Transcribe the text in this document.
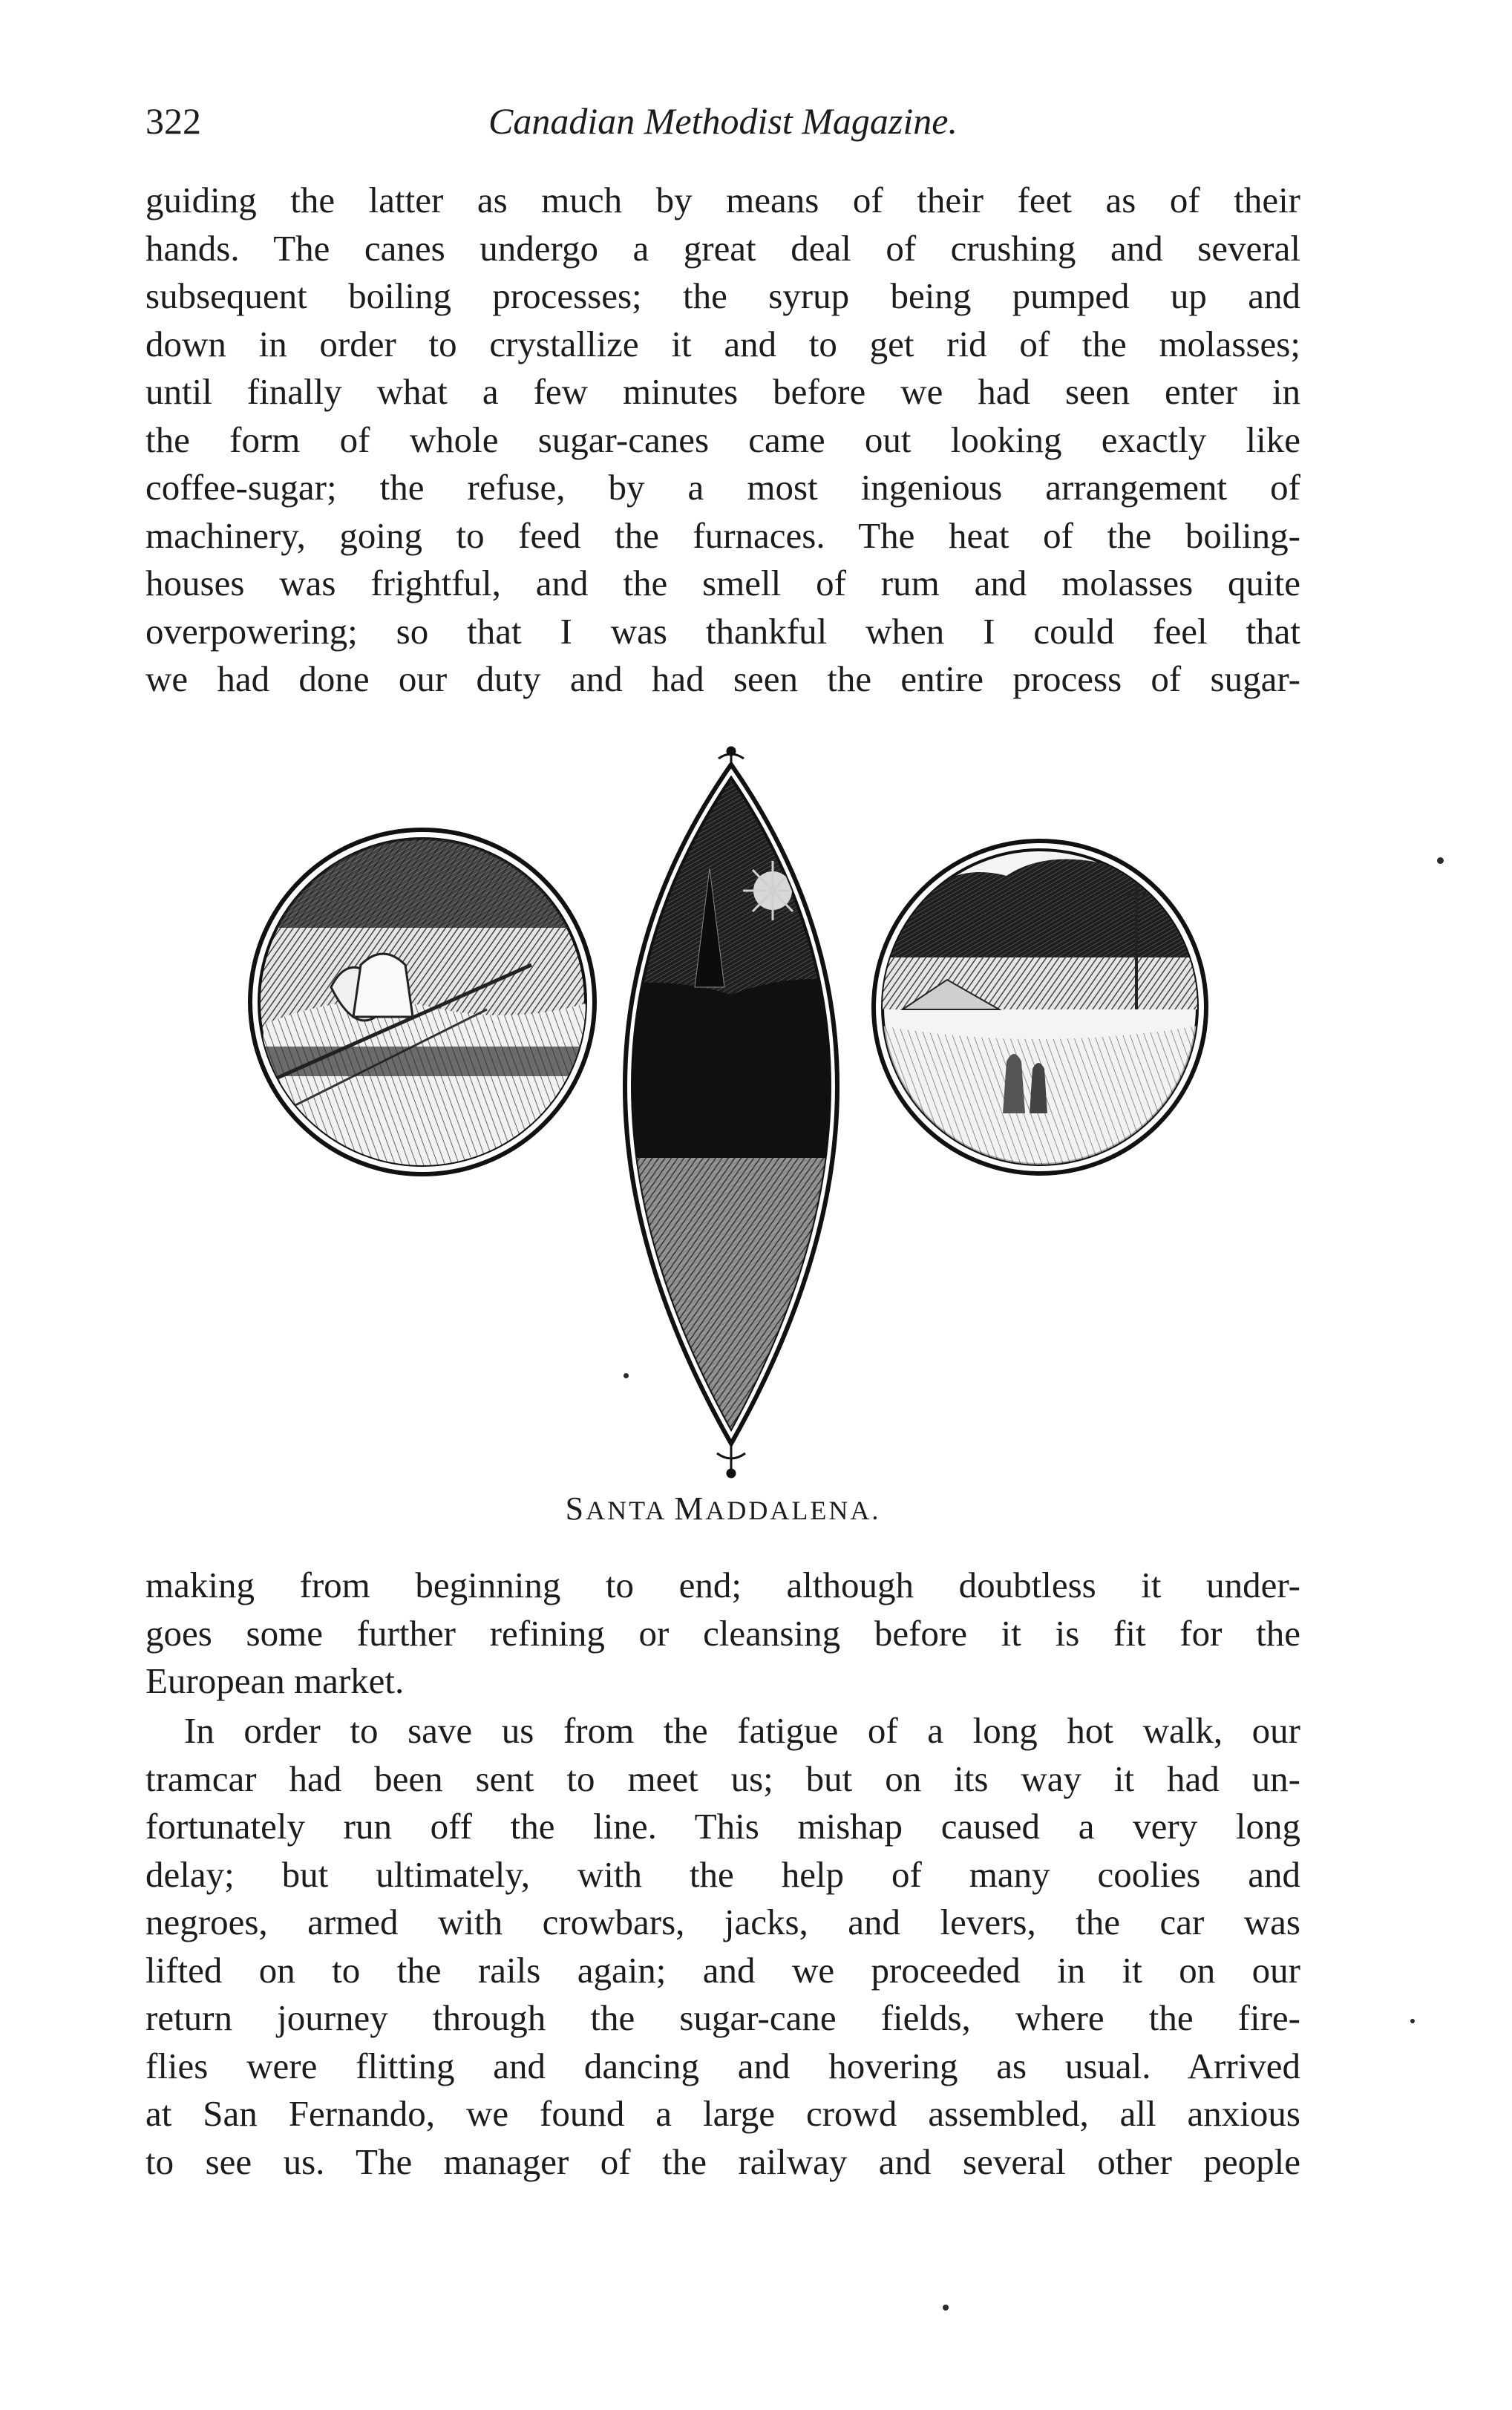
322	Canadian Methodist Magazine.

guiding the latter as much by means of their feet as of their
hands. The canes undergo a great deal of crushing and several
subsequent boiling processes; the syrup being pumped up and
down in order to crystallize it and to get rid of the molasses;
until finally what a few minutes before we had seen enter in
the form of whole sugar-canes came out looking exactly like
coffee-sugar; the refuse, by a most ingenious arrangement of
machinery, going to feed the furnaces. The heat of the boiling-
houses was frightful, and the smell of rum and molasses quite
overpowering; so that I was thankful when I could feel that
we had done our duty and had seen the entire process of sugar-

SANTA MADDALENA.

making from beginning to end; although doubtless it under-
goes some further refining or cleansing before it is fit for the
European market.

In order to save us from the fatigue of a long hot walk, our
tramcar had been sent to meet us; but on its way it had un-
fortunately run off the line. This mishap caused a very long
delay; but ultimately, with the help of many coolies and
negroes, armed with crowbars, jacks, and levers, the car was
lifted on to the rails again; and we proceeded in it on our
return journey through the sugar-cane fields, where the fire-
flies were flitting and dancing and hovering as usual. Arrived
at San Fernando, we found a large crowd assembled, all anxious
to see us. The manager of the railway and several other people
